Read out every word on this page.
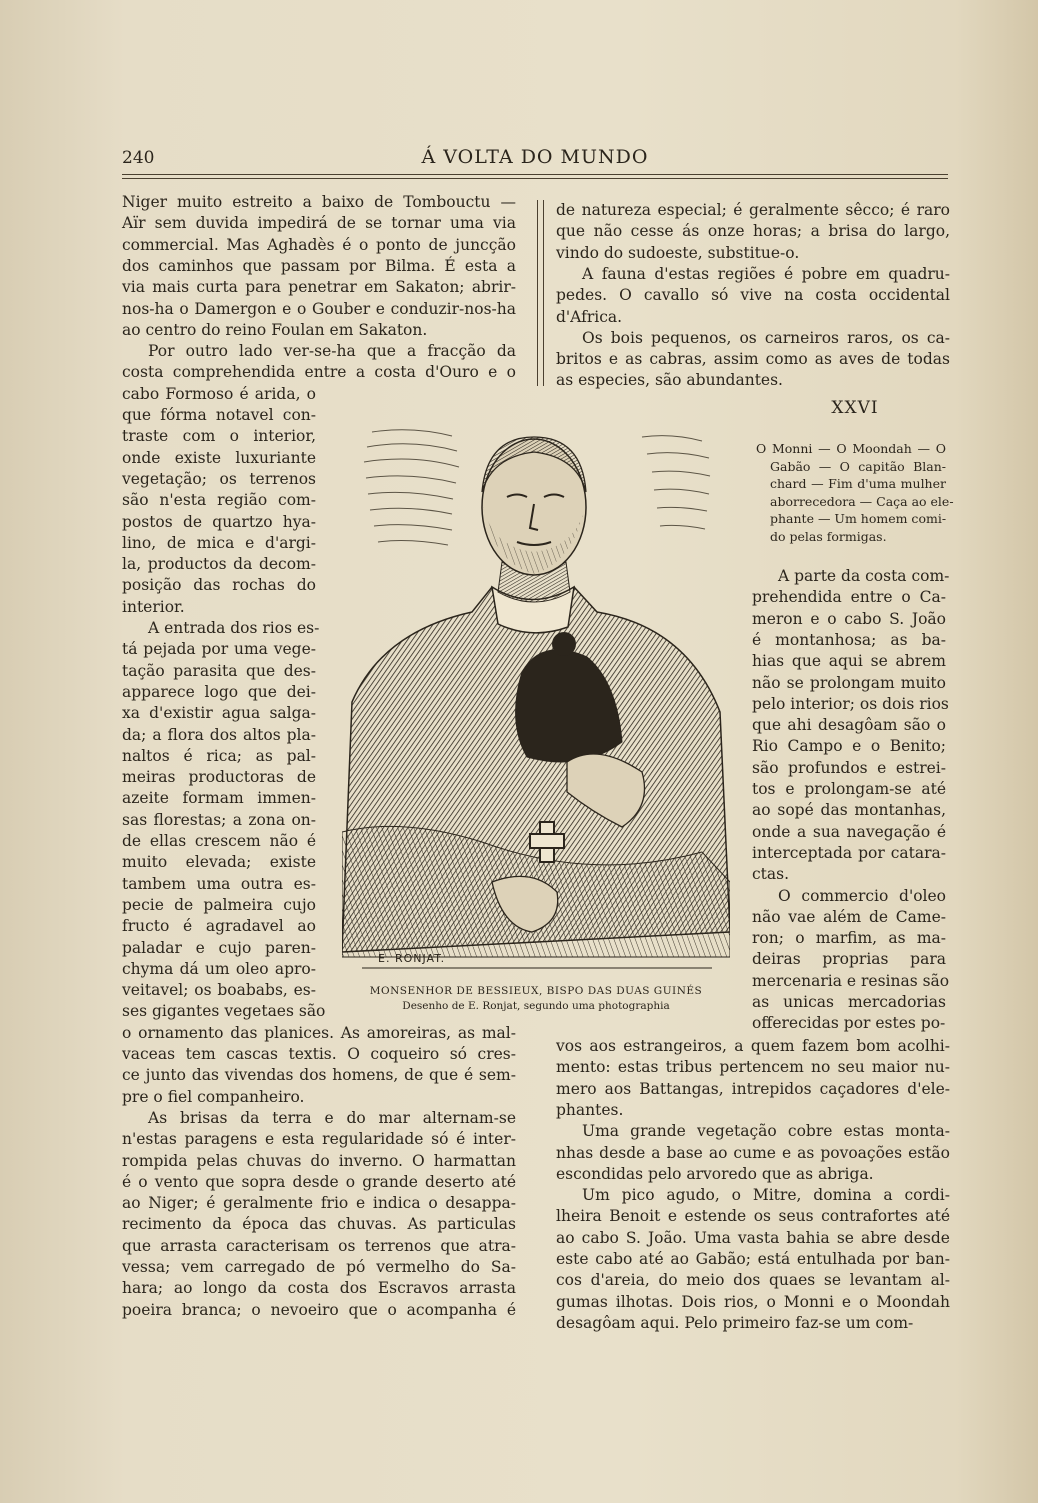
240	Á VOLTA DO MUNDO
Niger muito estreito a baixo de Tombouctu —
Aïr sem duvida impedirá de se tornar uma via
commercial. Mas Aghadès é o ponto de juncção
dos caminhos que passam por Bilma. É esta a
via mais curta para penetrar em Sakaton; abrir-
nos-ha o Damergon e o Gouber e conduzir-nos-ha
ao centro do reino Foulan em Sakaton.
Por outro lado ver-se-ha que a fracção da
costa comprehendida entre a costa d'Ouro e o
cabo Formoso é arida, o
que fórma notavel con-
traste com o interior,
onde existe luxuriante
vegetação; os terrenos
são n'esta região com-
postos de quartzo hya-
lino, de mica e d'argi-
la, productos da decom-
posição das rochas do
interior.
A entrada dos rios es-
tá pejada por uma vege-
tação parasita que des-
apparece logo que dei-
xa d'existir agua salga-
da; a flora dos altos pla-
naltos é rica; as pal-
meiras productoras de
azeite formam immen-
sas florestas; a zona on-
de ellas crescem não é
muito elevada; existe
tambem uma outra es-
pecie de palmeira cujo
fructo é agradavel ao
paladar e cujo paren-
chyma dá um oleo apro-
veitavel; os boababs, es-
ses gigantes vegetaes são
o ornamento das planices. As amoreiras, as mal-
vaceas tem cascas textis. O coqueiro só cres-
ce junto das vivendas dos homens, de que é sem-
pre o fiel companheiro.
As brisas da terra e do mar alternam-se
n'estas paragens e esta regularidade só é inter-
rompida pelas chuvas do inverno. O harmattan
é o vento que sopra desde o grande deserto até
ao Niger; é geralmente frio e indica o desappa-
recimento da época das chuvas. As particulas
que arrasta caracterisam os terrenos que atra-
vessa; vem carregado de pó vermelho do Sa-
hara; ao longo da costa dos Escravos arrasta
poeira branca; o nevoeiro que o acompanha é
de natureza especial; é geralmente sêcco; é raro
que não cesse ás onze horas; a brisa do largo,
vindo do sudoeste, substitue-o.
A fauna d'estas regiões é pobre em quadru-
pedes. O cavallo só vive na costa occidental
d'Africa.
Os bois pequenos, os carneiros raros, os ca-
britos e as cabras, assim como as aves de todas
as especies, são abundantes.
XXVI
O Monni — O Moondah — O
Gabão — O capitão Blan-
chard — Fim d'uma mulher
aborrecedora — Caça ao ele-
phante — Um homem comi-
do pelas formigas.
A parte da costa com-
prehendida entre o Ca-
meron e o cabo S. João
é montanhosa; as ba-
hias que aqui se abrem
não se prolongam muito
pelo interior; os dois rios
que ahi desagôam são o
Rio Campo e o Benito;
são profundos e estrei-
tos e prolongam-se até
ao sopé das montanhas,
onde a sua navegação é
interceptada por catara-
ctas.
O commercio d'oleo
não vae além de Came-
ron; o marfim, as ma-
deiras proprias para
mercenaria e resinas são
as unicas mercadorias
offerecidas por estes po-
vos aos estrangeiros, a quem fazem bom acolhi-
mento: estas tribus pertencem no seu maior nu-
mero aos Battangas, intrepidos caçadores d'ele-
phantes.
Uma grande vegetação cobre estas monta-
nhas desde a base ao cume e as povoações estão
escondidas pelo arvoredo que as abriga.
Um pico agudo, o Mitre, domina a cordi-
lheira Benoit e estende os seus contrafortes até
ao cabo S. João. Uma vasta bahia se abre desde
este cabo até ao Gabão; está entulhada por ban-
cos d'areia, do meio dos quaes se levantam al-
gumas ilhotas. Dois rios, o Monni e o Moondah
desagôam aqui. Pelo primeiro faz-se um com-
E. RONJAT.
MONSENHOR DE BESSIEUX, BISPO DAS DUAS GUINÉS
Desenho de E. Ronjat, segundo uma photographia
